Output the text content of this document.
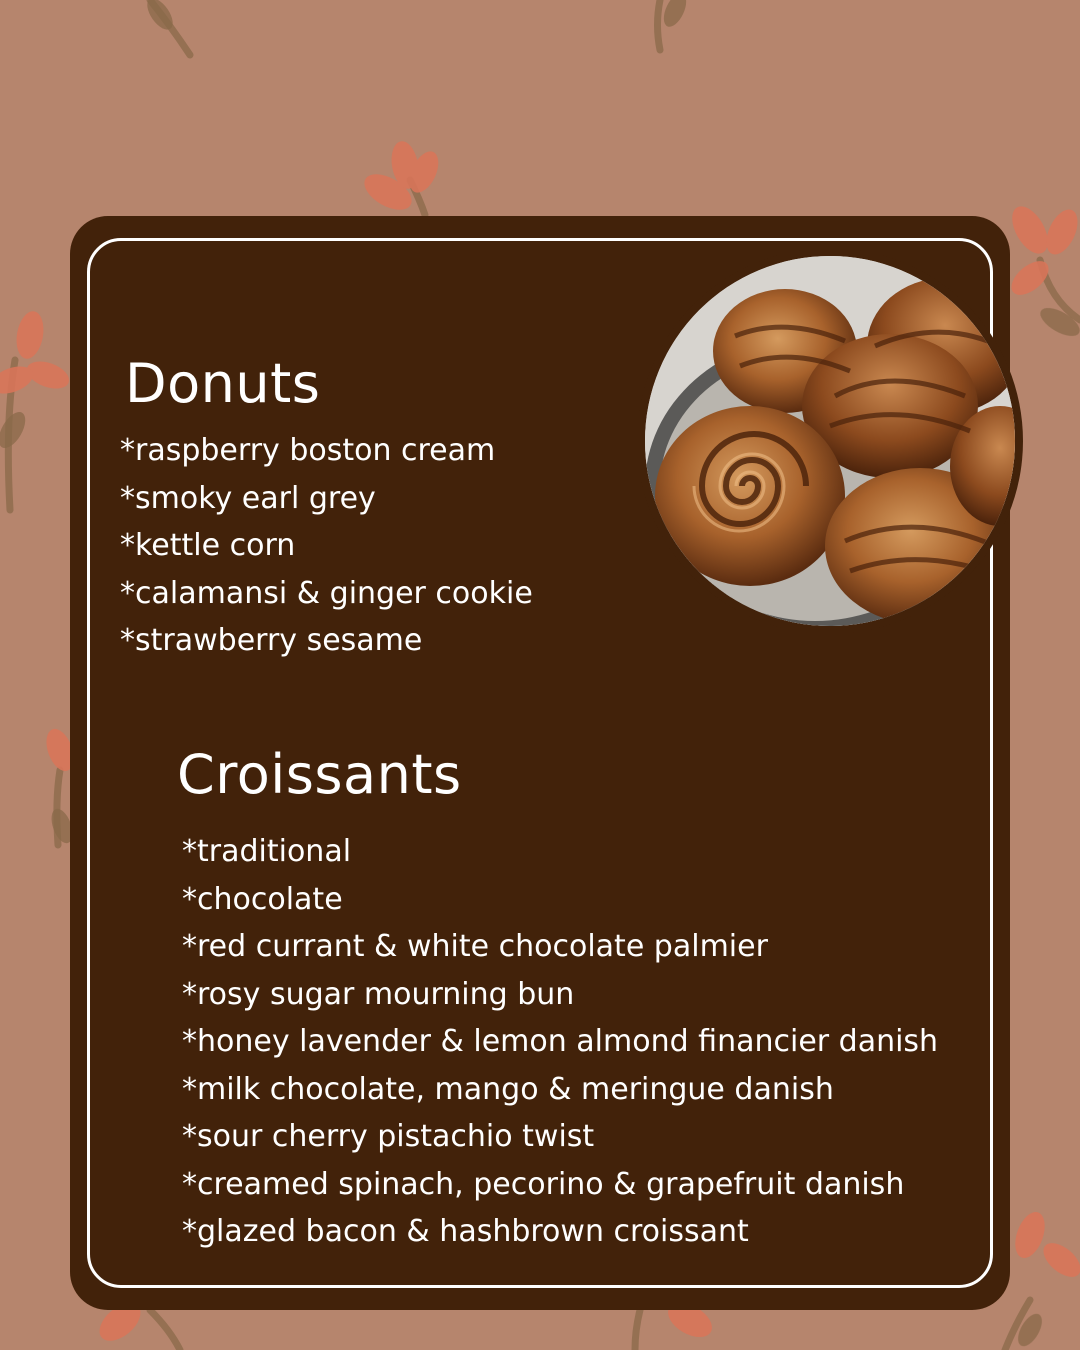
Donuts
*raspberry boston cream
*smoky earl grey
*kettle corn
*calamansi & ginger cookie
*strawberry sesame
Croissants
*traditional
*chocolate
*red currant & white chocolate palmier
*rosy sugar mourning bun
*honey lavender & lemon almond financier danish
*milk chocolate, mango & meringue danish
*sour cherry pistachio twist
*creamed spinach, pecorino & grapefruit danish
*glazed bacon & hashbrown croissant
